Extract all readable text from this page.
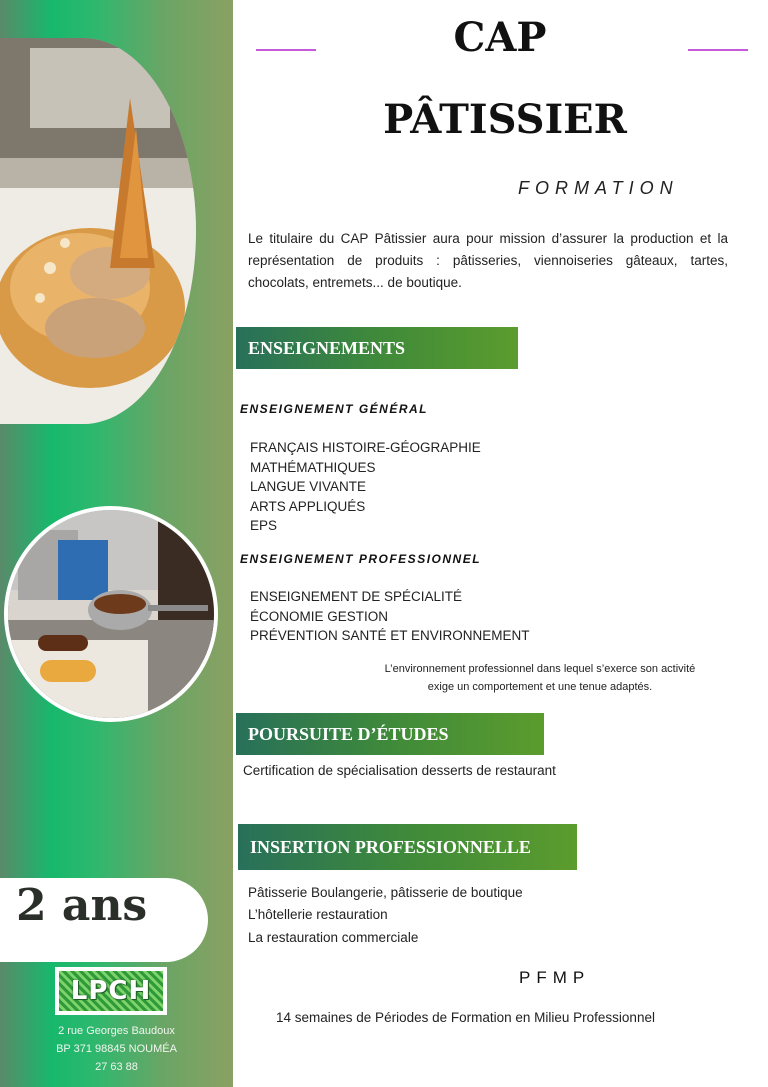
2 ans
LPCH
2 rue Georges Baudoux
BP 371 98845 NOUMÉA
27 63 88
CAP
PÂTISSIER
FORMATION
Le titulaire du CAP Pâtissier aura pour mission d’assurer la production et la représentation de produits : pâtisseries, viennoiseries gâteaux, tartes, chocolats, entremets... de boutique.
ENSEIGNEMENTS
ENSEIGNEMENT GÉNÉRAL
FRANÇAIS HISTOIRE-GÉOGRAPHIE
MATHÉMATHIQUES
LANGUE VIVANTE
ARTS APPLIQUÉS
EPS
ENSEIGNEMENT PROFESSIONNEL
ENSEIGNEMENT DE SPÉCIALITÉ
ÉCONOMIE GESTION
PRÉVENTION SANTÉ ET ENVIRONNEMENT
L’environnement professionnel dans lequel s’exerce son activité
exige un comportement et une tenue adaptés.
POURSUITE D’ÉTUDES
Certification de spécialisation desserts de restaurant
INSERTION PROFESSIONNELLE
Pâtisserie Boulangerie, pâtisserie de boutique
L’hôtellerie restauration
La restauration commerciale
PFMP
14 semaines de Périodes de Formation en Milieu Professionnel
